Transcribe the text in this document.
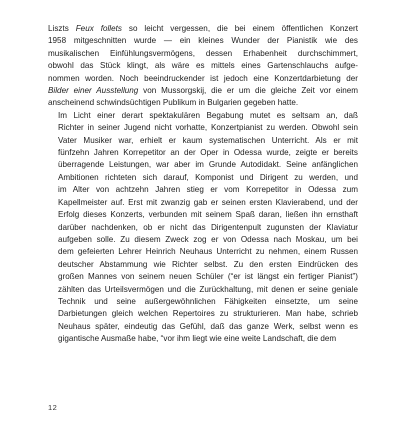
Liszts Feux follets so leicht vergessen, die bei einem öffentlichen Konzert
1958 mitgeschnitten wurde — ein kleines Wunder der Pianistik wie des
musikalischen Einfühlungsvermögens, dessen Erhabenheit durchschimmert,
obwohl das Stück klingt, als wäre es mittels eines Gartenschlauchs aufge-
nommen worden. Noch beeindruckender ist jedoch eine Konzertdarbietung der
Bilder einer Ausstellung von Mussorgskij, die er um die gleiche Zeit vor einem
anscheinend schwindsüchtigen Publikum in Bulgarien gegeben hatte.

Im Licht einer derart spektakulären Begabung mutet es seltsam an, daß
Richter in seiner Jugend nicht vorhatte, Konzertpianist zu werden. Obwohl sein
Vater Musiker war, erhielt er kaum systematischen Unterricht. Als er mit
fünfzehn Jahren Korrepetitor an der Oper in Odessa wurde, zeigte er bereits
überragende Leistungen, war aber im Grunde Autodidakt. Seine anfänglichen
Ambitionen richteten sich darauf, Komponist und Dirigent zu werden, und
im Alter von achtzehn Jahren stieg er vom Korrepetitor in Odessa zum
Kapellmeister auf. Erst mit zwanzig gab er seinen ersten Klavierabend, und der
Erfolg dieses Konzerts, verbunden mit seinem Spaß daran, ließen ihn ernsthaft
darüber nachdenken, ob er nicht das Dirigentenpult zugunsten der Klaviatur
aufgeben solle. Zu diesem Zweck zog er von Odessa nach Moskau, um bei
dem gefeierten Lehrer Heinrich Neuhaus Unterricht zu nehmen, einem Russen
deutscher Abstammung wie Richter selbst. Zu den ersten Eindrücken des
großen Mannes von seinem neuen Schüler (“er ist längst ein fertiger Pianist”)
zählten das Urteilsvermögen und die Zurückhaltung, mit denen er seine geniale
Technik und seine außergewöhnlichen Fähigkeiten einsetzte, um seine
Darbietungen gleich welchen Repertoires zu strukturieren. Man habe, schrieb
Neuhaus später, eindeutig das Gefühl, daß das ganze Werk, selbst wenn es
gigantische Ausmaße habe, “vor ihm liegt wie eine weite Landschaft, die dem

12
